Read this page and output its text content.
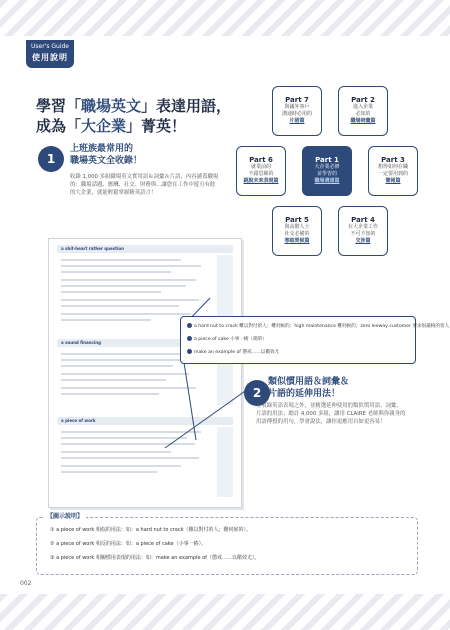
User's Guide
使用說明
學習「職場英文」表達用語，
成為「大企業」菁英！
POINT
1
上班族最常用的
職場英文全收錄！
收錄 1,000 多組職場英文實用語＆詞彙＆片語，內容涵蓋職場的：職場話題、應酬、社交、財務與...讓您在工作中遊刃有餘的大企業，就能輕鬆掌握精英語言！
Part 7
與國外客戶
溝通時必用的
片語篇
Part 2
進入企業
必知的
職場詞彙篇
Part 6
就業前的
不錯思維的
跳脫未來表現篇
Part 1
大企業必修
並學習的
職場溝通篇
Part 3
想得如何在職
一定要用到的
簡報篇
Part 5
與高階人士
社交必備的
寒暄問候篇
Part 4
在大企業工作
不可不知的
交涉篇
a shit-heart rather question
a sound financing
a piece of work
a hard nut to crack 難以對付的人；難伺候的；high maintenance 難伺候的；zero leeway customer 要求很嚴格的客人
a piece of cake 小事一樁（簡單）
make an example of 懲戒……以儆效尤
POINT
2
類似慣用語＆詞彙＆
片語的延伸用法！
在收錄英語表現之外，並精選延伸使用的類似慣用語、詞彙、片語的用法；總計 4,000 多組，讓用 CLAIRE 老師與你親身的用語傳授的用句，學會說法，讓你更應用自如更容易！
【圖示說明】
① a piece of work 相似的用法：如：a hard nut to crack（難以對付的人；難伺候的）。
② a piece of work 相反的用法：如：a piece of cake（小事一樁）。
③ a piece of work 相關慣用表現的用法：如：make an example of（懲戒……以儆效尤）。
002
